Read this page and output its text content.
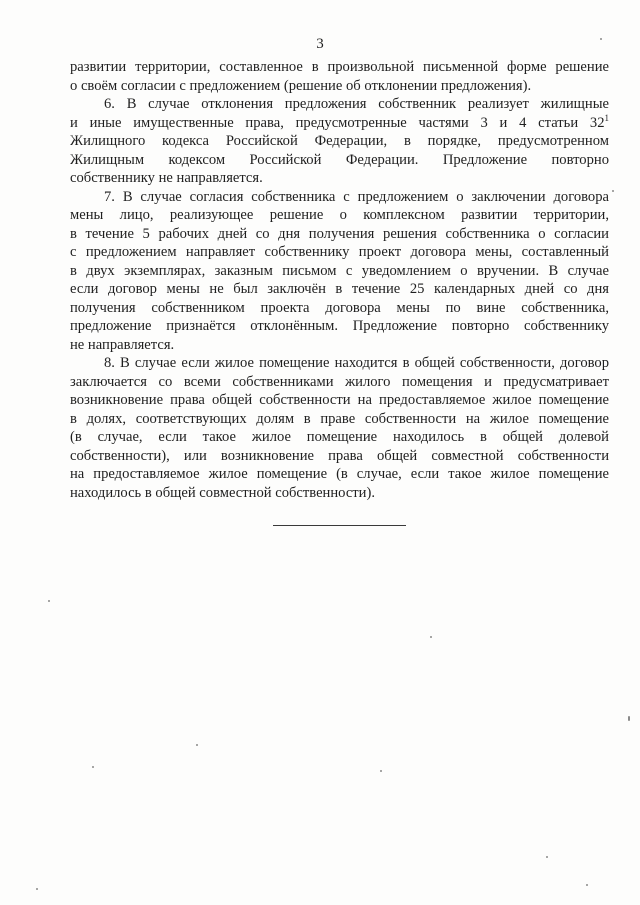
3
развитии территории, составленное в произвольной письменной форме решение
о своём согласии с предложением (решение об отклонении предложения).
6. В случае отклонения предложения собственник реализует жилищные
и иные имущественные права, предусмотренные частями 3 и 4 статьи $32^1$
Жилищного кодекса Российской Федерации, в порядке, предусмотренном
Жилищным кодексом Российской Федерации. Предложение повторно
собственнику не направляется.
7. В случае согласия собственника с предложением о заключении договора
мены лицо, реализующее решение о комплексном развитии территории,
в течение 5 рабочих дней со дня получения решения собственника о согласии
с предложением направляет собственнику проект договора мены, составленный
в двух экземплярах, заказным письмом с уведомлением о вручении. В случае
если договор мены не был заключён в течение 25 календарных дней со дня
получения собственником проекта договора мены по вине собственника,
предложение признаётся отклонённым. Предложение повторно собственнику
не направляется.
8. В случае если жилое помещение находится в общей собственности, договор
заключается со всеми собственниками жилого помещения и предусматривает
возникновение права общей собственности на предоставляемое жилое помещение
в долях, соответствующих долям в праве собственности на жилое помещение
(в случае, если такое жилое помещение находилось в общей долевой
собственности), или возникновение права общей совместной собственности
на предоставляемое жилое помещение (в случае, если такое жилое помещение
находилось в общей совместной собственности).
